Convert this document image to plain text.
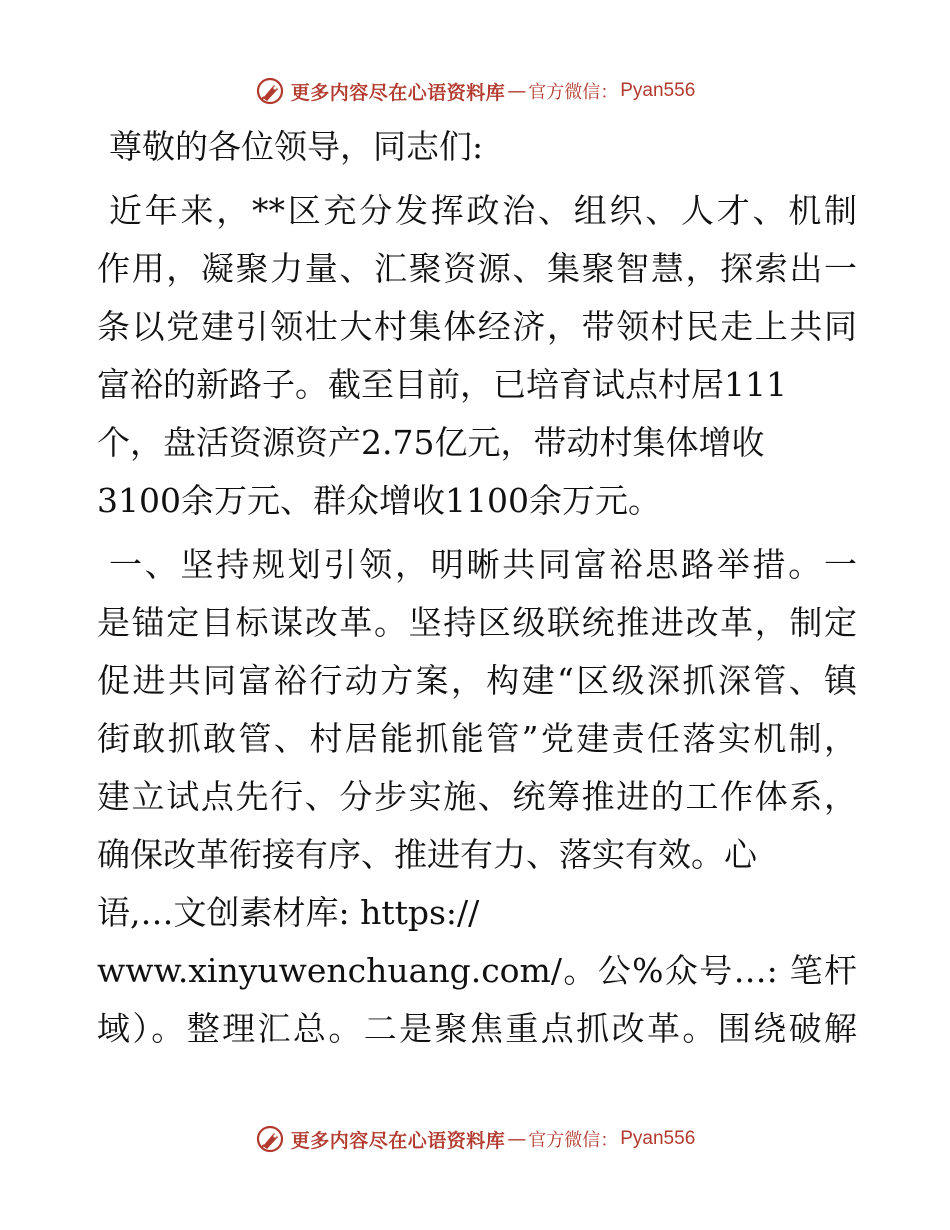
更多内容尽在心语资料库 — 官方微信： Pyan556
尊敬的各位领导，同志们:
近年来，**区充分发挥政治、组织、人才、机制
作用，凝聚力量、汇聚资源、集聚智慧，探索出一
条以党建引领壮大村集体经济，带领村民走上共同
富裕的新路子。截至目前，已培育试点村居111
个，盘活资源资产2.75亿元，带动村集体增收
3100余万元、群众增收1100余万元。
一、坚持规划引领，明晰共同富裕思路举措。一
是锚定目标谋改革。坚持区级联统推进改革，制定
促进共同富裕行动方案，构建“区级深抓深管、镇
街敢抓敢管、村居能抓能管”党建责任落实机制，
建立试点先行、分步实施、统筹推进的工作体系，
确保改革衔接有序、推进有力、落实有效。心
语,…文创素材库: https://
www.xinyuwenchuang.com/。公%众号…: 笔杆
域）。整理汇总。二是聚焦重点抓改革。围绕破解
更多内容尽在心语资料库 — 官方微信： Pyan556
